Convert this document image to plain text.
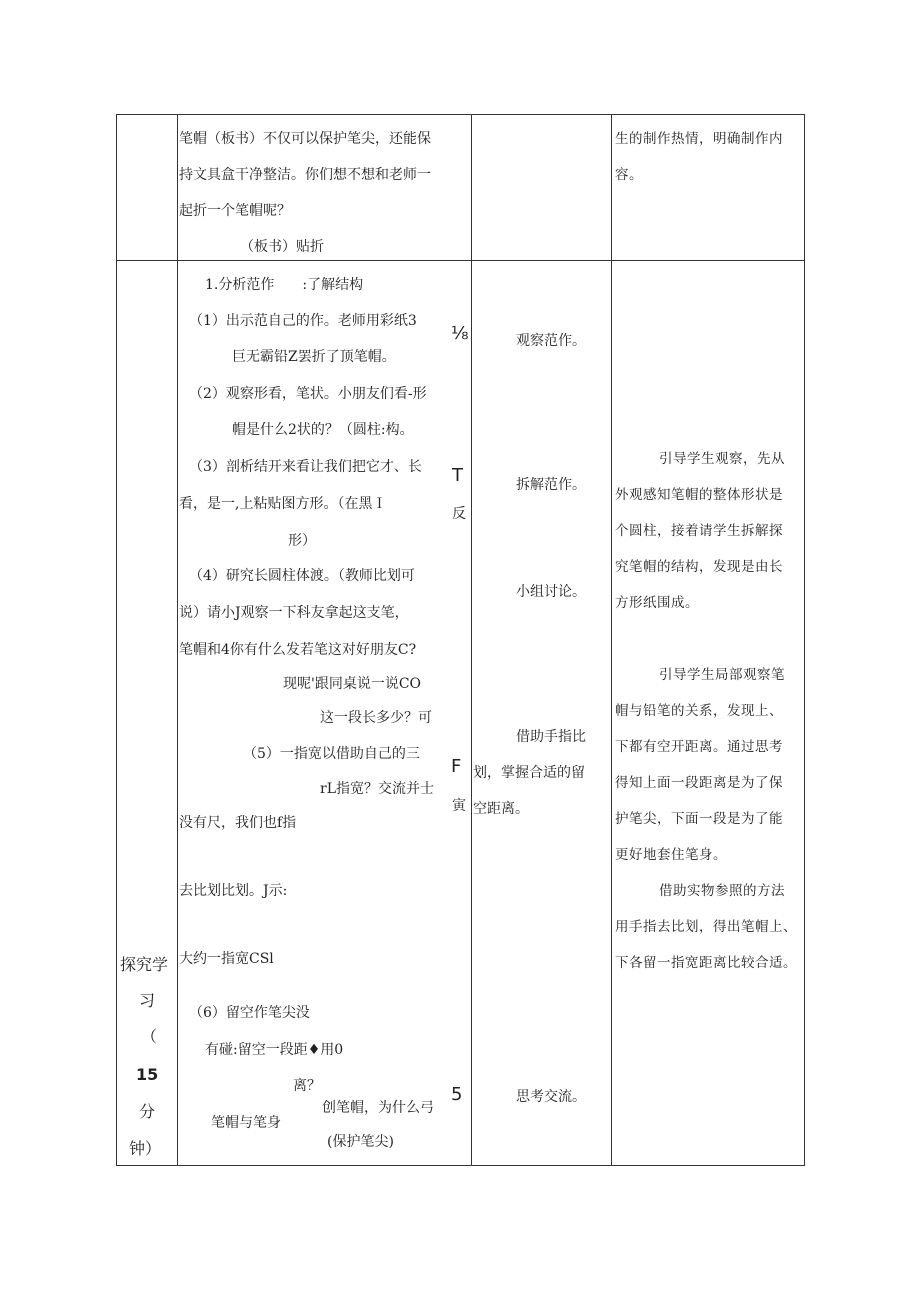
笔帽（板书）不仅可以保护笔尖，还能保
持文具盒干净整洁。你们想不想和老师一
起折一个笔帽呢？
（板书）贴折
生的制作热情，明确制作内
容。
探究学
习
（
15
分
钟）
1.分析范作　　:了解结构
（1）出示范自己的作。老师用彩纸3
⅛
巨无霸铅Z罢折了顶笔帽。
（2）观察形看，笔状。小朋友们看-形
帽是什么2状的？（圆柱:构。
（3）剖析结开来看让我们把它才、长 T
看，是一,上粘贴图方形。（在黑Ｉ
反
形）
（4）研究长圆柱体渡。（教师比划可
说）请小J观察一下科友拿起这支笔，
笔帽和4你有什么发若笔这对好朋友C?
现呢'跟同桌说一说CO
这一段长多少？可
（5）一指宽以借助自己的三
F
rL指宽？交流并士
寅
没有尺，我们也f指
去比划比划。J示:
大约一指宽CSl
（6）留空作笔尖没
有碰:留空一段距♦用0
离？
创笔帽，为什么弓
5
笔帽与笔身
(保护笔尖)
观察范作。
拆解范作。
小组讨论。
借助手指比
划，掌握合适的留
空距离。
思考交流。
引导学生观察，先从
外观感知笔帽的整体形状是
个圆柱，接着请学生拆解探
究笔帽的结构，发现是由长
方形纸围成。
引导学生局部观察笔
帽与铅笔的关系，发现上、
下都有空开距离。通过思考
得知上面一段距离是为了保
护笔尖，下面一段是为了能
更好地套住笔身。
借助实物参照的方法
用手指去比划，得出笔帽上、
下各留一指宽距离比较合适。
